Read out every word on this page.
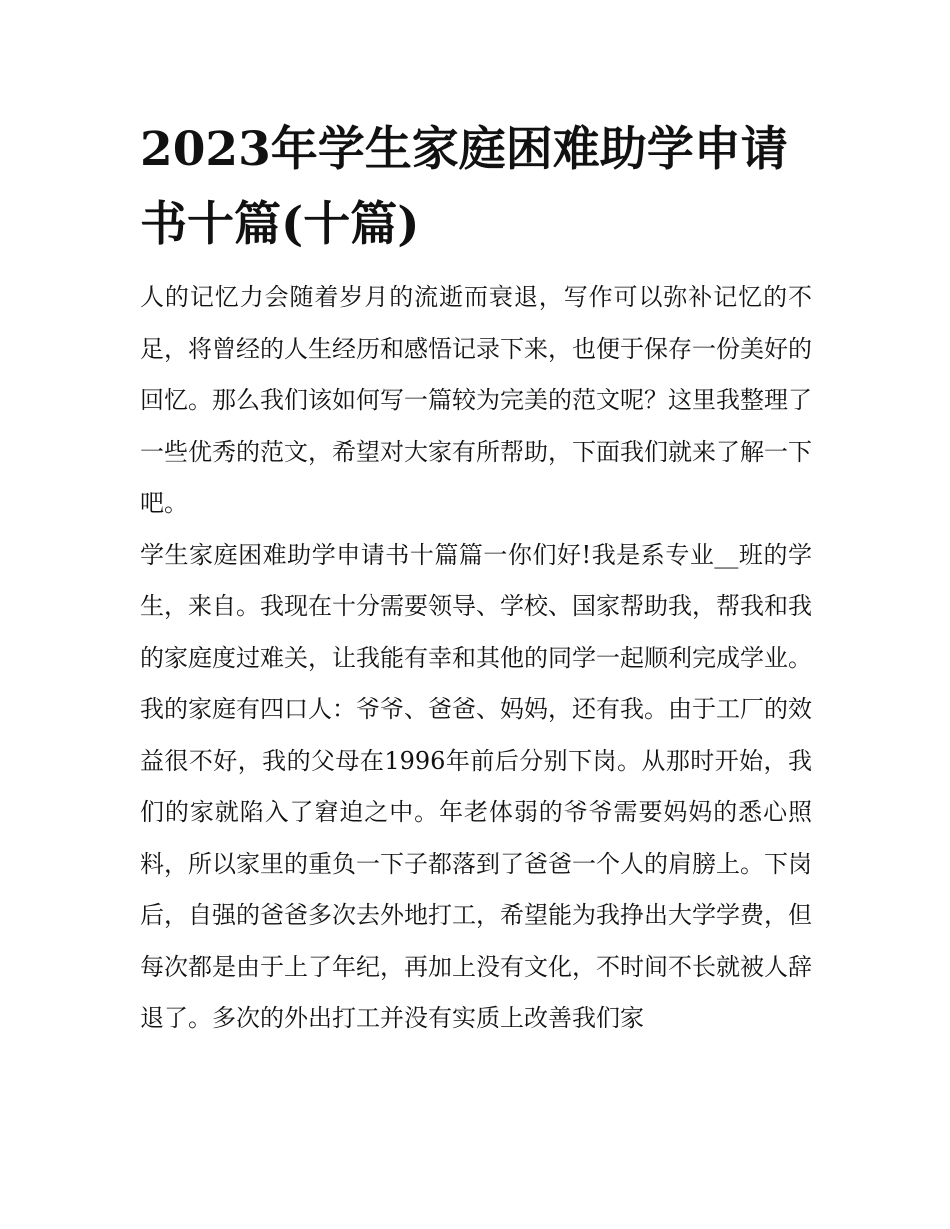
2023年学生家庭困难助学申请书十篇(十篇)

人的记忆力会随着岁月的流逝而衰退，写作可以弥补记忆的不足，将曾经的人生经历和感悟记录下来，也便于保存一份美好的回忆。那么我们该如何写一篇较为完美的范文呢？这里我整理了一些优秀的范文，希望对大家有所帮助，下面我们就来了解一下吧。

学生家庭困难助学申请书十篇篇一你们好!我是系专业__班的学生，来自。我现在十分需要领导、学校、国家帮助我，帮我和我的家庭度过难关，让我能有幸和其他的同学一起顺利完成学业。

我的家庭有四口人：爷爷、爸爸、妈妈，还有我。由于工厂的效益很不好，我的父母在1996年前后分别下岗。从那时开始，我们的家就陷入了窘迫之中。年老体弱的爷爷需要妈妈的悉心照料，所以家里的重负一下子都落到了爸爸一个人的肩膀上。下岗后，自强的爸爸多次去外地打工，希望能为我挣出大学学费，但每次都是由于上了年纪，再加上没有文化，不时间不长就被人辞退了。多次的外出打工并没有实质上改善我们家
